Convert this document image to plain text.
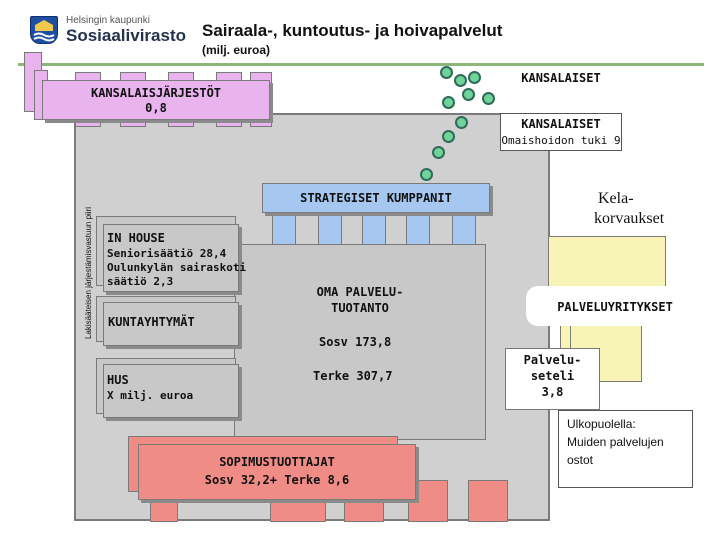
Helsingin kaupunki
Sosiaalivirasto Sairaala-, kuntoutus- ja hoivapalvelut
(milj. euroa)
Lakisääteisen järjestämisvastuun piiri
KANSALAISJÄRJESTÖT
0,8
KANSALAISET
KANSALAISET
Omaishoidon tuki 9
STRATEGISET KUMPPANIT	Kela-
korvaukset
OMA PALVELU-
TUOTANTO
Sosv 173,8
Terke 307,7
IN HOUSE
Seniorisäätiö 28,4
Oulunkylän sairaskoti
säätiö 2,3
KUNTAYHTYMÄT
HUS
X milj. euroa
PALVELUYRITYKSET
Palvelu-
seteli
3,8
Ulkopuolella:
Muiden palvelujen
ostot
SOPIMUSTUOTTAJAT
Sosv 32,2+ Terke 8,6
